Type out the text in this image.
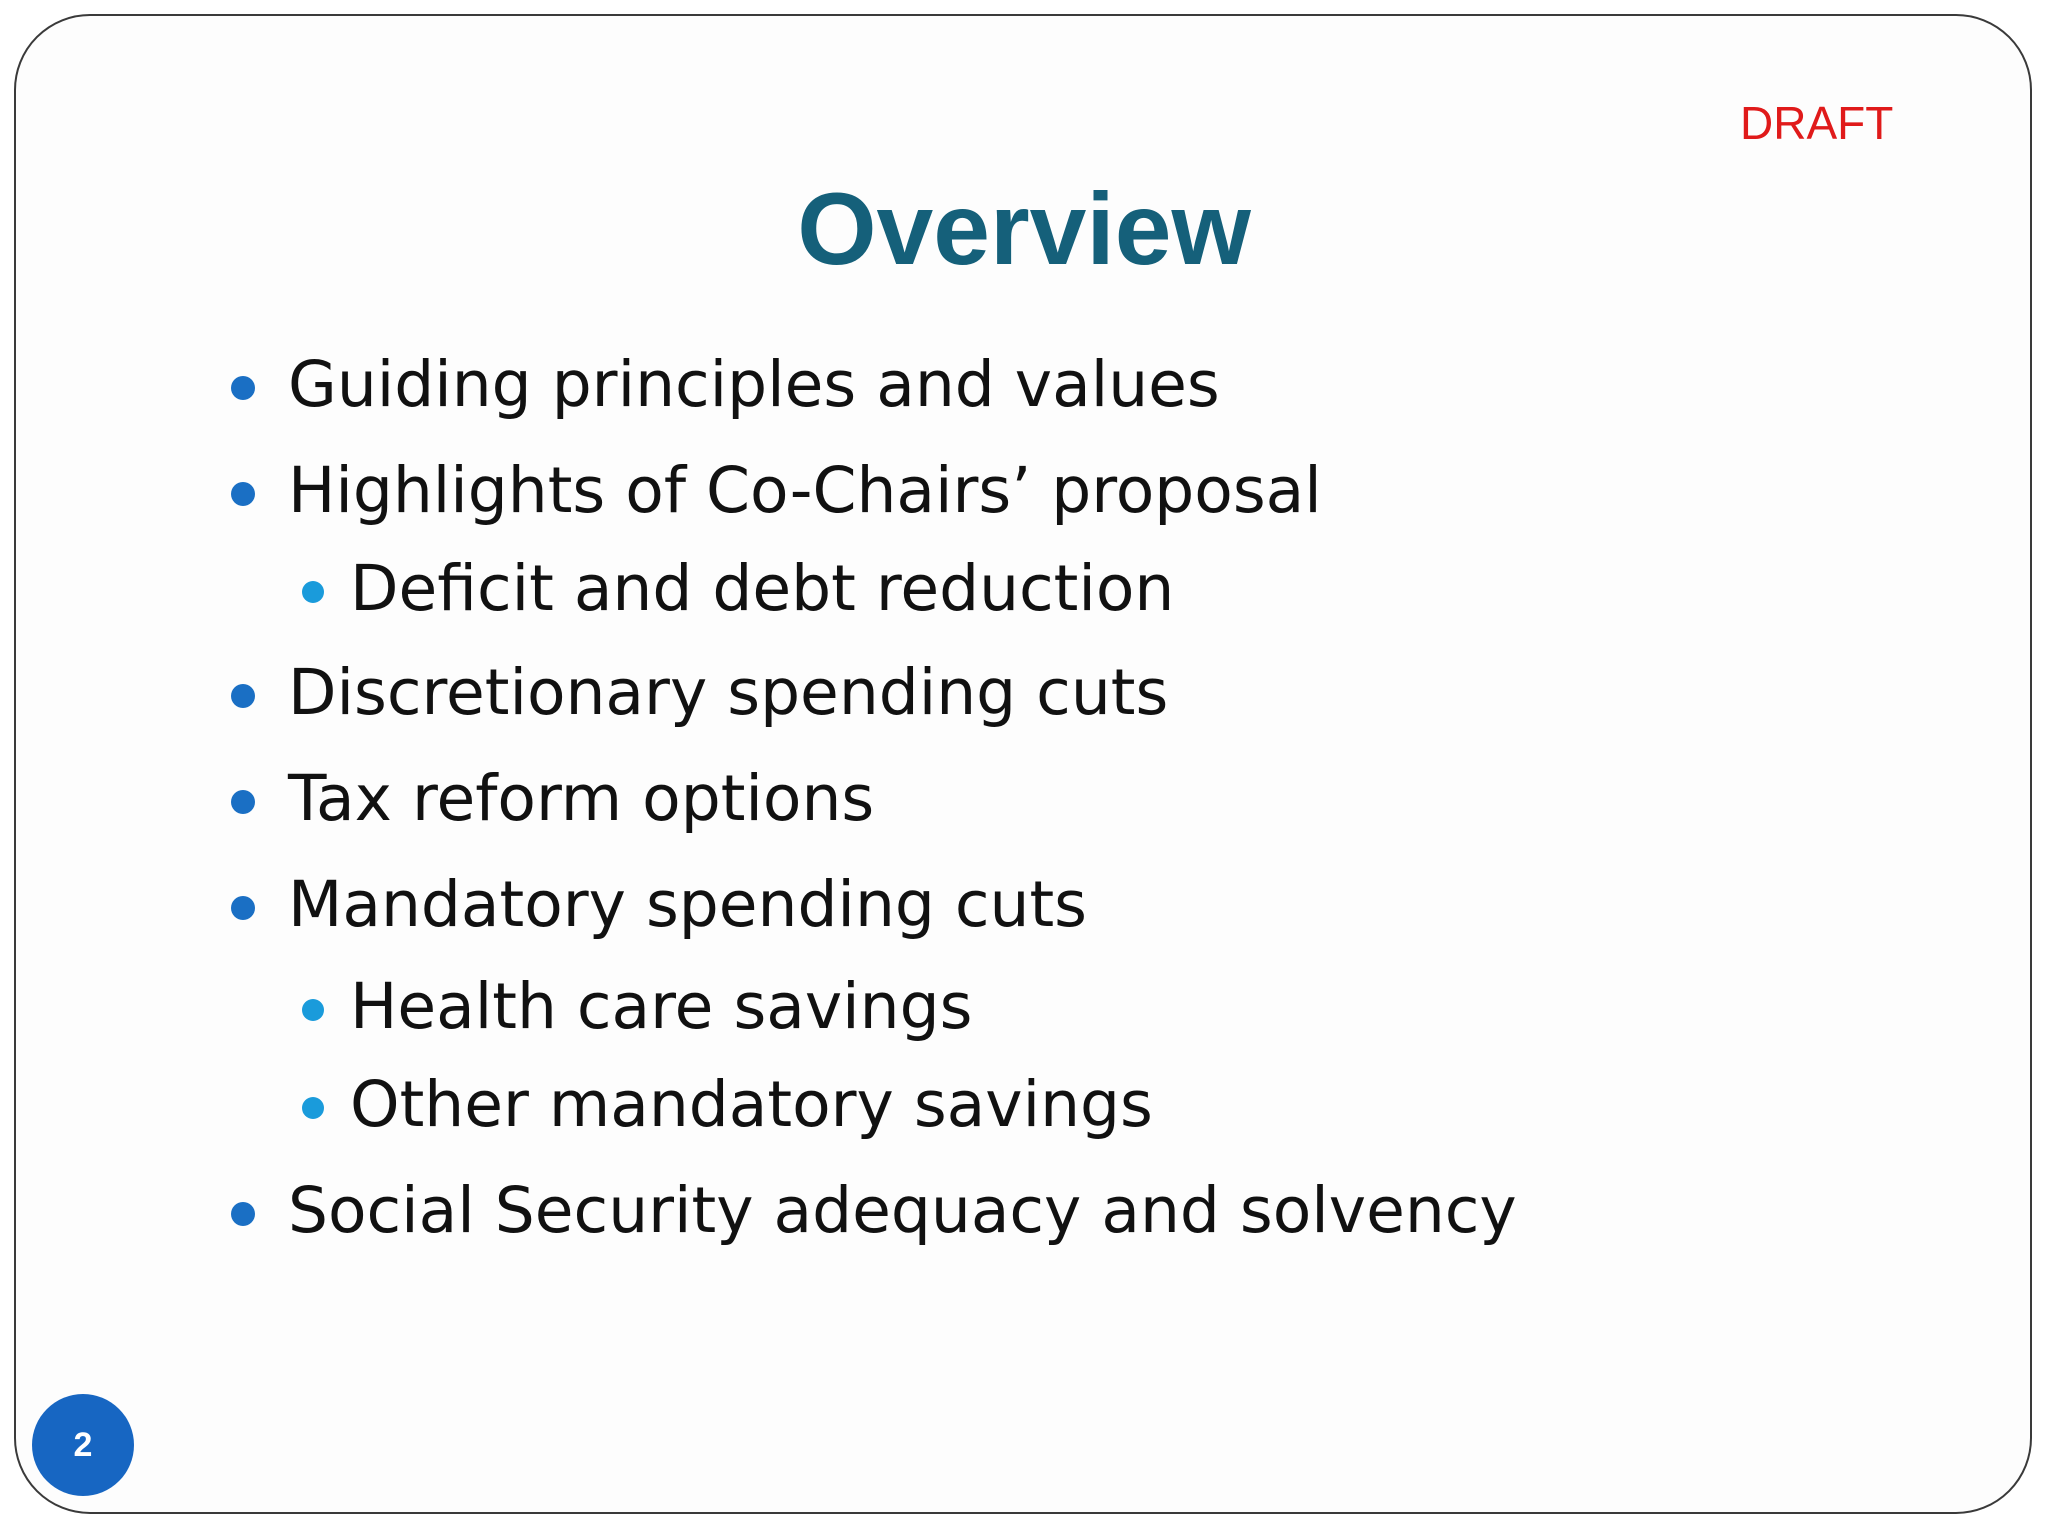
DRAFT
Overview
Guiding principles and values
Highlights of Co-Chairs’ proposal
Deficit and debt reduction
Discretionary spending cuts
Tax reform options
Mandatory spending cuts
Health care savings
Other mandatory savings
Social Security adequacy and solvency
2
